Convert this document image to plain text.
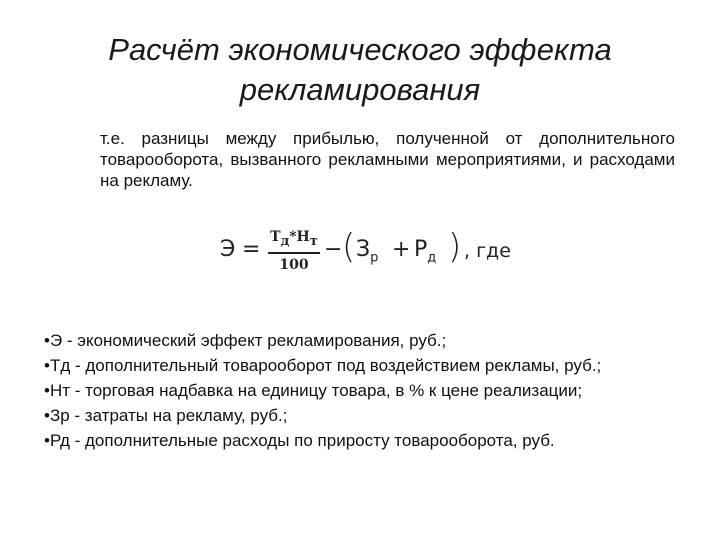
Расчёт экономического эффекта
рекламирования
т.е. разницы между прибылью, полученной от дополнительного товарооборота, вызванного рекламными мероприятиями, и расходами на рекламу.
$Э = Т_д*Н_т$
100
− ( $З_р + Р_д$ ) , где
•Э - экономический эффект рекламирования, руб.;
•Тд - дополнительный товарооборот под воздействием рекламы, руб.;
•Нт - торговая надбавка на единицу товара, в % к цене реализации;
•Зр - затраты на рекламу, руб.;
•Рд - дополнительные расходы по приросту товарооборота, руб.
